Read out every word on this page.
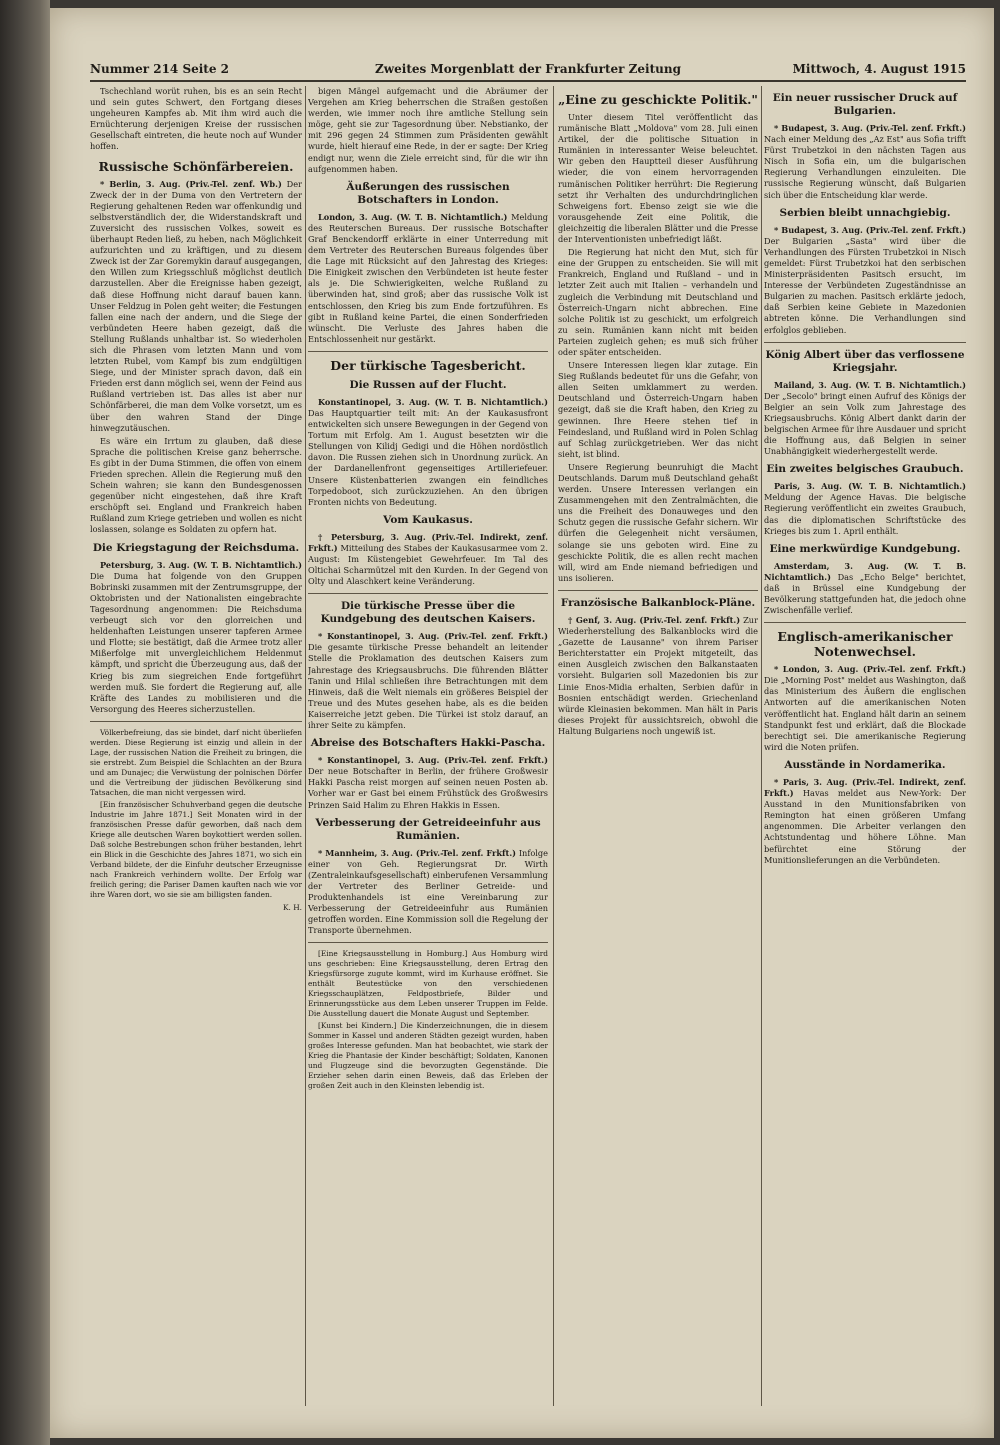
Nummer 214 Seite 2	Zweites Morgenblatt der Frankfurter Zeitung	Mittwoch, 4. August 1915

Tschechland worüt ruhen, bis es an sein Recht und sein gutes Schwert, den Fortgang dieses ungeheuren Kampfes ab. Mit ihm wird auch die Ernüchterung derjenigen Kreise der russischen Gesellschaft eintreten, die heute noch auf Wunder hoffen.

Russische Schönfärbereien.

* Berlin, 3. Aug. (Priv.-Tel. zenf. Wb.) Der Zweck der in der Duma von den Vertretern der Regierung gehaltenen Reden war offenkundig und selbstverständlich der, die Widerstandskraft und Zuversicht des russischen Volkes, soweit es überhaupt Reden ließ, zu heben, nach Möglichkeit aufzurichten und zu kräftigen, und zu diesem Zweck ist der Zar Goremykin darauf ausgegangen, den Willen zum Kriegsschluß möglichst deutlich darzustellen. Aber die Ereignisse haben gezeigt, daß diese Hoffnung nicht darauf bauen kann. Unser Feldzug in Polen geht weiter; die Festungen fallen eine nach der andern, und die Siege der verbündeten Heere haben gezeigt, daß die Stellung Rußlands unhaltbar ist. So wiederholen sich die Phrasen vom letzten Mann und vom letzten Rubel, vom Kampf bis zum endgültigen Siege, und der Minister sprach davon, daß ein Frieden erst dann möglich sei, wenn der Feind aus Rußland vertrieben ist. Das alles ist aber nur Schönfärberei, die man dem Volke vorsetzt, um es über den wahren Stand der Dinge hinwegzutäuschen.

Es wäre ein Irrtum zu glauben, daß diese Sprache die politischen Kreise ganz beherrsche. Es gibt in der Duma Stimmen, die offen von einem Frieden sprechen. Allein die Regierung muß den Schein wahren; sie kann den Bundesgenossen gegenüber nicht eingestehen, daß ihre Kraft erschöpft sei. England und Frankreich haben Rußland zum Kriege getrieben und wollen es nicht loslassen, solange es Soldaten zu opfern hat.

Die Kriegstagung der Reichsduma.

Petersburg, 3. Aug. (W. T. B. Nichtamtlich.) Die Duma hat folgende von den Gruppen Bobrinski zusammen mit der Zentrumsgruppe, der Oktobristen und der Nationalisten eingebrachte Tagesordnung angenommen: Die Reichsduma verbeugt sich vor den glorreichen und heldenhaften Leistungen unserer tapferen Armee und Flotte; sie bestätigt, daß die Armee trotz aller Mißerfolge mit unvergleichlichem Heldenmut kämpft, und spricht die Überzeugung aus, daß der Krieg bis zum siegreichen Ende fortgeführt werden muß. Sie fordert die Regierung auf, alle Kräfte des Landes zu mobilisieren und die Versorgung des Heeres sicherzustellen.

Völkerbefreiung, das sie bindet, darf nicht überliefen werden. Diese Regierung ist einzig und allein in der Lage, der russischen Nation die Freiheit zu bringen, die sie erstrebt. Zum Beispiel die Schlachten an der Bzura und am Dunajec; die Verwüstung der polnischen Dörfer und die Vertreibung der jüdischen Bevölkerung sind Tatsachen, die man nicht vergessen wird.

[Ein französischer Schuhverband gegen die deutsche Industrie im Jahre 1871.] Seit Monaten wird in der französischen Presse dafür geworben, daß nach dem Kriege alle deutschen Waren boykottiert werden sollen. Daß solche Bestrebungen schon früher bestanden, lehrt ein Blick in die Geschichte des Jahres 1871, wo sich ein Verband bildete, der die Einfuhr deutscher Erzeugnisse nach Frankreich verhindern wollte. Der Erfolg war freilich gering; die Pariser Damen kauften nach wie vor ihre Waren dort, wo sie sie am billigsten fanden.

K. H.

bigen Mängel aufgemacht und die Abräumer der Vergehen am Krieg beherrschen die Straßen gestoßen werden, wie immer noch ihre amtliche Stellung sein möge, geht sie zur Tagesordnung über. Nebstianko, der mit 296 gegen 24 Stimmen zum Präsidenten gewählt wurde, hielt hierauf eine Rede, in der er sagte: Der Krieg endigt nur, wenn die Ziele erreicht sind, für die wir ihn aufgenommen haben.

Äußerungen des russischen Botschafters in London.

London, 3. Aug. (W. T. B. Nichtamtlich.) Meldung des Reuterschen Bureaus. Der russische Botschafter Graf Benckendorff erklärte in einer Unterredung mit dem Vertreter des Reuterschen Bureaus folgendes über die Lage mit Rücksicht auf den Jahrestag des Krieges: Die Einigkeit zwischen den Verbündeten ist heute fester als je. Die Schwierigkeiten, welche Rußland zu überwinden hat, sind groß; aber das russische Volk ist entschlossen, den Krieg bis zum Ende fortzuführen. Es gibt in Rußland keine Partei, die einen Sonderfrieden wünscht. Die Verluste des Jahres haben die Entschlossenheit nur gestärkt.

Der türkische Tagesbericht.
Die Russen auf der Flucht.

Konstantinopel, 3. Aug. (W. T. B. Nichtamtlich.) Das Hauptquartier teilt mit: An der Kaukasusfront entwickelten sich unsere Bewegungen in der Gegend von Tortum mit Erfolg. Am 1. August besetzten wir die Stellungen von Kilidj Gedigi und die Höhen nordöstlich davon. Die Russen ziehen sich in Unordnung zurück. An der Dardanellenfront gegenseitiges Artilleriefeuer. Unsere Küstenbatterien zwangen ein feindliches Torpedoboot, sich zurückzuziehen. An den übrigen Fronten nichts von Bedeutung.

Vom Kaukasus.

† Petersburg, 3. Aug. (Priv.-Tel. Indirekt, zenf. Frkft.) Mitteilung des Stabes der Kaukasusarmee vom 2. August: Im Küstengebiet Gewehrfeuer. Im Tal des Oltichai Scharmützel mit den Kurden. In der Gegend von Olty und Alaschkert keine Veränderung.

Die türkische Presse über die Kundgebung des deutschen Kaisers.

* Konstantinopel, 3. Aug. (Priv.-Tel. zenf. Frkft.) Die gesamte türkische Presse behandelt an leitender Stelle die Proklamation des deutschen Kaisers zum Jahrestage des Kriegsausbruchs. Die führenden Blätter Tanin und Hilal schließen ihre Betrachtungen mit dem Hinweis, daß die Welt niemals ein größeres Beispiel der Treue und des Mutes gesehen habe, als es die beiden Kaiserreiche jetzt geben. Die Türkei ist stolz darauf, an ihrer Seite zu kämpfen.

Abreise des Botschafters Hakki-Pascha.

* Konstantinopel, 3. Aug. (Priv.-Tel. zenf. Frkft.) Der neue Botschafter in Berlin, der frühere Großwesir Hakki Pascha reist morgen auf seinen neuen Posten ab. Vorher war er Gast bei einem Frühstück des Großwesirs Prinzen Said Halim zu Ehren Hakkis in Essen.

Verbesserung der Getreideeinfuhr aus Rumänien.

* Mannheim, 3. Aug. (Priv.-Tel. zenf. Frkft.) Infolge einer von Geh. Regierungsrat Dr. Wirth (Zentraleinkaufsgesellschaft) einberufenen Versammlung der Vertreter des Berliner Getreide- und Produktenhandels ist eine Vereinbarung zur Verbesserung der Getreideeinfuhr aus Rumänien getroffen worden. Eine Kommission soll die Regelung der Transporte übernehmen.

[Eine Kriegsausstellung in Homburg.] Aus Homburg wird uns geschrieben: Eine Kriegsausstellung, deren Ertrag den Kriegsfürsorge zugute kommt, wird im Kurhause eröffnet. Sie enthält Beutestücke von den verschiedenen Kriegsschauplätzen, Feldpostbriefe, Bilder und Erinnerungsstücke aus dem Leben unserer Truppen im Felde. Die Ausstellung dauert die Monate August und September.

[Kunst bei Kindern.] Die Kinderzeichnungen, die in diesem Sommer in Kassel und anderen Städten gezeigt wurden, haben großes Interesse gefunden. Man hat beobachtet, wie stark der Krieg die Phantasie der Kinder beschäftigt; Soldaten, Kanonen und Flugzeuge sind die bevorzugten Gegenstände. Die Erzieher sehen darin einen Beweis, daß das Erleben der großen Zeit auch in den Kleinsten lebendig ist.

„Eine zu geschickte Politik."

Unter diesem Titel veröffentlicht das rumänische Blatt „Moldova" vom 28. Juli einen Artikel, der die politische Situation in Rumänien in interessanter Weise beleuchtet. Wir geben den Hauptteil dieser Ausführung wieder, die von einem hervorragenden rumänischen Politiker herrührt: Die Regierung setzt ihr Verhalten des undurchdringlichen Schweigens fort. Ebenso zeigt sie wie die vorausgehende Zeit eine Politik, die gleichzeitig die liberalen Blätter und die Presse der Interventionisten unbefriedigt läßt.

Die Regierung hat nicht den Mut, sich für eine der Gruppen zu entscheiden. Sie will mit Frankreich, England und Rußland – und in letzter Zeit auch mit Italien – verhandeln und zugleich die Verbindung mit Deutschland und Österreich-Ungarn nicht abbrechen. Eine solche Politik ist zu geschickt, um erfolgreich zu sein. Rumänien kann nicht mit beiden Parteien zugleich gehen; es muß sich früher oder später entscheiden.

Unsere Interessen liegen klar zutage. Ein Sieg Rußlands bedeutet für uns die Gefahr, von allen Seiten umklammert zu werden. Deutschland und Österreich-Ungarn haben gezeigt, daß sie die Kraft haben, den Krieg zu gewinnen. Ihre Heere stehen tief in Feindesland, und Rußland wird in Polen Schlag auf Schlag zurückgetrieben. Wer das nicht sieht, ist blind.

Unsere Regierung beunruhigt die Macht Deutschlands. Darum muß Deutschland gehaßt werden. Unsere Interessen verlangen ein Zusammengehen mit den Zentralmächten, die uns die Freiheit des Donauweges und den Schutz gegen die russische Gefahr sichern. Wir dürfen die Gelegenheit nicht versäumen, solange sie uns geboten wird. Eine zu geschickte Politik, die es allen recht machen will, wird am Ende niemand befriedigen und uns isolieren.

Französische Balkanblock-Pläne.

† Genf, 3. Aug. (Priv.-Tel. zenf. Frkft.) Zur Wiederherstellung des Balkanblocks wird die „Gazette de Lausanne" von ihrem Pariser Berichterstatter ein Projekt mitgeteilt, das einen Ausgleich zwischen den Balkanstaaten vorsieht. Bulgarien soll Mazedonien bis zur Linie Enos-Midia erhalten, Serbien dafür in Bosnien entschädigt werden. Griechenland würde Kleinasien bekommen. Man hält in Paris dieses Projekt für aussichtsreich, obwohl die Haltung Bulgariens noch ungewiß ist.

Ein neuer russischer Druck auf Bulgarien.

* Budapest, 3. Aug. (Priv.-Tel. zenf. Frkft.) Nach einer Meldung des „Az Est" aus Sofia trifft Fürst Trubetzkoi in den nächsten Tagen aus Nisch in Sofia ein, um die bulgarischen Regierung Verhandlungen einzuleiten. Die russische Regierung wünscht, daß Bulgarien sich über die Entscheidung klar werde.

Serbien bleibt unnachgiebig.

* Budapest, 3. Aug. (Priv.-Tel. zenf. Frkft.) Der Bulgarien „Sasta" wird über die Verhandlungen des Fürsten Trubetzkoi in Nisch gemeldet: Fürst Trubetzkoi hat den serbischen Ministerpräsidenten Pasitsch ersucht, im Interesse der Verbündeten Zugeständnisse an Bulgarien zu machen. Pasitsch erklärte jedoch, daß Serbien keine Gebiete in Mazedonien abtreten könne. Die Verhandlungen sind erfolglos geblieben.

König Albert über das verflossene Kriegsjahr.

Mailand, 3. Aug. (W. T. B. Nichtamtlich.) Der „Secolo" bringt einen Aufruf des Königs der Belgier an sein Volk zum Jahrestage des Kriegsausbruchs. König Albert dankt darin der belgischen Armee für ihre Ausdauer und spricht die Hoffnung aus, daß Belgien in seiner Unabhängigkeit wiederhergestellt werde.

Ein zweites belgisches Graubuch.

Paris, 3. Aug. (W. T. B. Nichtamtlich.) Meldung der Agence Havas. Die belgische Regierung veröffentlicht ein zweites Graubuch, das die diplomatischen Schriftstücke des Krieges bis zum 1. April enthält.

Eine merkwürdige Kundgebung.

Amsterdam, 3. Aug. (W. T. B. Nichtamtlich.) Das „Echo Belge" berichtet, daß in Brüssel eine Kundgebung der Bevölkerung stattgefunden hat, die jedoch ohne Zwischenfälle verlief.

Englisch-amerikanischer Notenwechsel.

* London, 3. Aug. (Priv.-Tel. zenf. Frkft.) Die „Morning Post" meldet aus Washington, daß das Ministerium des Äußern die englischen Antworten auf die amerikanischen Noten veröffentlicht hat. England hält darin an seinem Standpunkt fest und erklärt, daß die Blockade berechtigt sei. Die amerikanische Regierung wird die Noten prüfen.

Ausstände in Nordamerika.

* Paris, 3. Aug. (Priv.-Tel. Indirekt, zenf. Frkft.) Havas meldet aus New-York: Der Ausstand in den Munitionsfabriken von Remington hat einen größeren Umfang angenommen. Die Arbeiter verlangen den Achtstundentag und höhere Löhne. Man befürchtet eine Störung der Munitionslieferungen an die Verbündeten.
